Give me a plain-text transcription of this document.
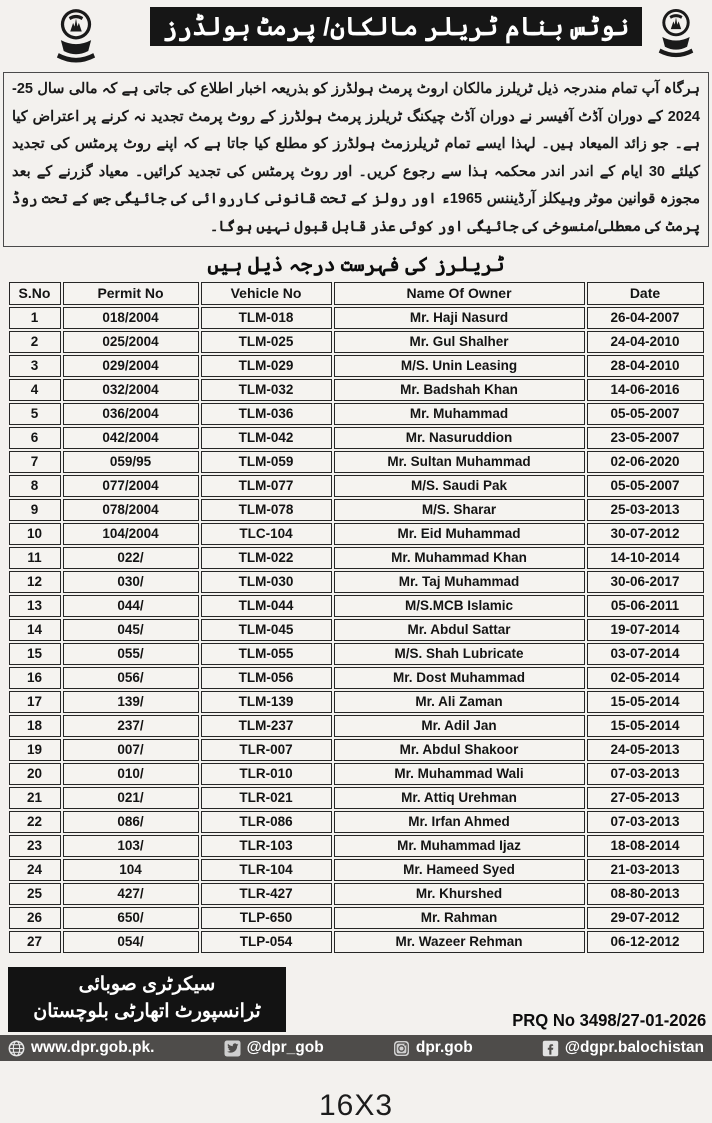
نوٹس بنام ٹریلر مالکان/ پرمٹ ہولڈرز
ہرگاہ آپ تمام مندرجہ ذیل ٹریلرز مالکان اروٹ پرمٹ ہولڈرز کو بذریعہ اخبار اطلاع کی جاتی ہے کہ مالی سال 25-2024 کے دوران آڈٹ آفیسر نے دوران آڈٹ چیکنگ ٹریلرز پرمٹ ہولڈرز کے روٹ پرمٹ تجدید نہ کرنے پر اعتراض کیا ہے۔ جو زائد المیعاد ہیں۔ لہذا ایسے تمام ٹریلرزمٹ ہولڈرز کو مطلع کیا جاتا ہے کہ اپنے روٹ پرمٹس کی تجدید کیلئے 30 ایام کے اندر اندر محکمہ ہذا سے رجوع کریں۔ اور روٹ پرمٹس کی تجدید کرائیں۔ معیاد گزرنے کے بعد مجوزہ قوانین موٹر وہیکلز آرڈیننس 1965ء اور رولز کے تحت قانونی کارروائی کی جائیگی جس کے تحت روڈ پرمٹ کی معطلی/منسوخی کی جائیگی اور کوئی عذر قابل قبول نہیں ہوگا۔
ٹریلرز کی فہرست درجہ ذیل ہیں
S.No	Permit No	Vehicle No	Name Of Owner	Date
1	018/2004	TLM-018	Mr. Haji Nasurd	26-04-2007
2	025/2004	TLM-025	Mr. Gul Shalher	24-04-2010
3	029/2004	TLM-029	M/S. Unin Leasing	28-04-2010
4	032/2004	TLM-032	Mr. Badshah Khan	14-06-2016
5	036/2004	TLM-036	Mr. Muhammad	05-05-2007
6	042/2004	TLM-042	Mr. Nasuruddion	23-05-2007
7	059/95	TLM-059	Mr. Sultan Muhammad	02-06-2020
8	077/2004	TLM-077	M/S. Saudi Pak	05-05-2007
9	078/2004	TLM-078	M/S. Sharar	25-03-2013
10	104/2004	TLC-104	Mr. Eid Muhammad	30-07-2012
11	022/	TLM-022	Mr. Muhammad Khan	14-10-2014
12	030/	TLM-030	Mr. Taj Muhammad	30-06-2017
13	044/	TLM-044	M/S.MCB Islamic	05-06-2011
14	045/	TLM-045	Mr. Abdul Sattar	19-07-2014
15	055/	TLM-055	M/S. Shah Lubricate	03-07-2014
16	056/	TLM-056	Mr. Dost Muhammad	02-05-2014
17	139/	TLM-139	Mr. Ali Zaman	15-05-2014
18	237/	TLM-237	Mr. Adil Jan	15-05-2014
19	007/	TLR-007	Mr. Abdul Shakoor	24-05-2013
20	010/	TLR-010	Mr. Muhammad Wali	07-03-2013
21	021/	TLR-021	Mr. Attiq Urehman	27-05-2013
22	086/	TLR-086	Mr. Irfan Ahmed	07-03-2013
23	103/	TLR-103	Mr. Muhammad Ijaz	18-08-2014
24	104	TLR-104	Mr. Hameed Syed	21-03-2013
25	427/	TLR-427	Mr. Khurshed	08-80-2013
26	650/	TLP-650	Mr. Rahman	29-07-2012
27	054/	TLP-054	Mr. Wazeer Rehman	06-12-2012
سیکرٹری صوبائی
ٹرانسپورٹ اتھارٹی بلوچستان	PRQ No 3498/27-01-2026
www.dpr.gob.pk.	@dpr_gob	dpr.gob	@dgpr.balochistan
16X3
